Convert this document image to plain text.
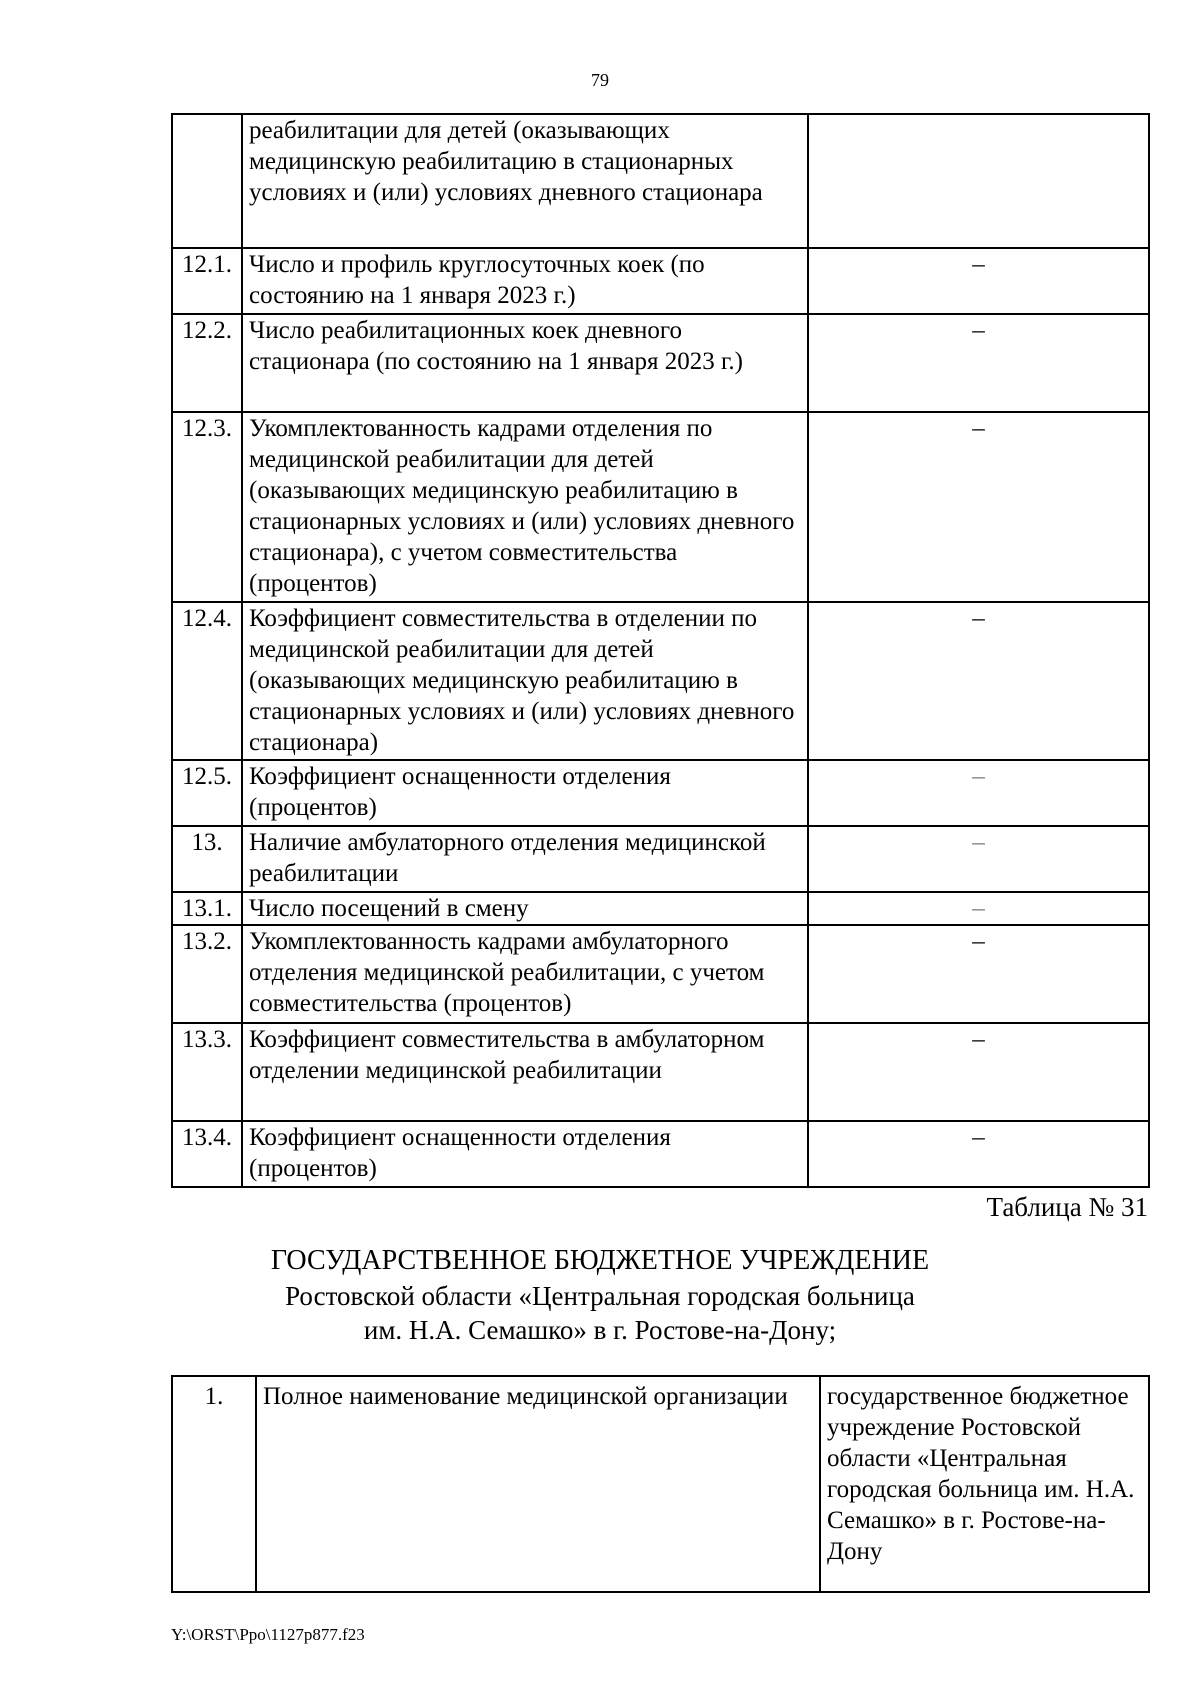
79
	реабилитации для детей (оказывающих медицинскую реабилитацию в стационарных условиях и (или) условиях дневного стационара	
12.1.	Число и профиль круглосуточных коек (по состоянию на 1 января 2023 г.)	–
12.2.	Число реабилитационных коек дневного стационара (по состоянию на 1 января 2023 г.)	–
12.3.	Укомплектованность кадрами отделения по медицинской реабилитации для детей (оказывающих медицинскую реабилитацию в стационарных условиях и (или) условиях дневного стационара), с учетом совместительства (процентов)	–
12.4.	Коэффициент совместительства в отделении по медицинской реабилитации для детей (оказывающих медицинскую реабилитацию в стационарных условиях и (или) условиях дневного стационара)	–
12.5.	Коэффициент оснащенности отделения (процентов)	–
13.	Наличие амбулаторного отделения медицинской реабилитации	–
13.1.	Число посещений в смену	–
13.2.	Укомплектованность кадрами амбулаторного отделения медицинской реабилитации, с учетом совместительства (процентов)	–
13.3.	Коэффициент совместительства в амбулаторном отделении медицинской реабилитации	–
13.4.	Коэффициент оснащенности отделения (процентов)	–
Таблица № 31
ГОСУДАРСТВЕННОЕ БЮДЖЕТНОЕ УЧРЕЖДЕНИЕ
Ростовской области «Центральная городская больница
им. Н.А. Семашко» в г. Ростове-на-Дону;
1.	Полное наименование медицинской организации	государственное бюджетное учреждение Ростовской области «Центральная городская больница им. Н.А. Семашко» в г. Ростове-на-Дону
Y:\ORST\Ppo\1127p877.f23
